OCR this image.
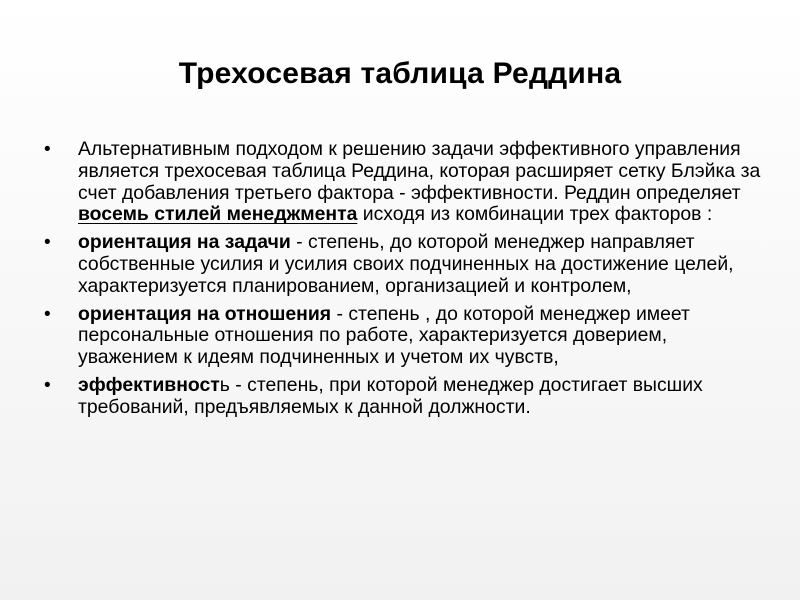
Трехосевая таблица Реддина
• Альтернативным подходом к решению задачи эффективного управления является трехосевая таблица Реддина, которая расширяет сетку Блэйка за счет добавления третьего фактора - эффективности. Реддин определяет восемь стилей менеджмента исходя из комбинации трех факторов :
• ориентация на задачи - степень, до которой менеджер направляет собственные усилия и усилия своих подчиненных на достижение целей, характеризуется планированием, организацией и контролем,
• ориентация на отношения - степень , до которой менеджер имеет персональные отношения по работе, характеризуется доверием, уважением к идеям подчиненных и учетом их чувств,
• эффективность - степень, при которой менеджер достигает высших требований, предъявляемых к данной должности.
